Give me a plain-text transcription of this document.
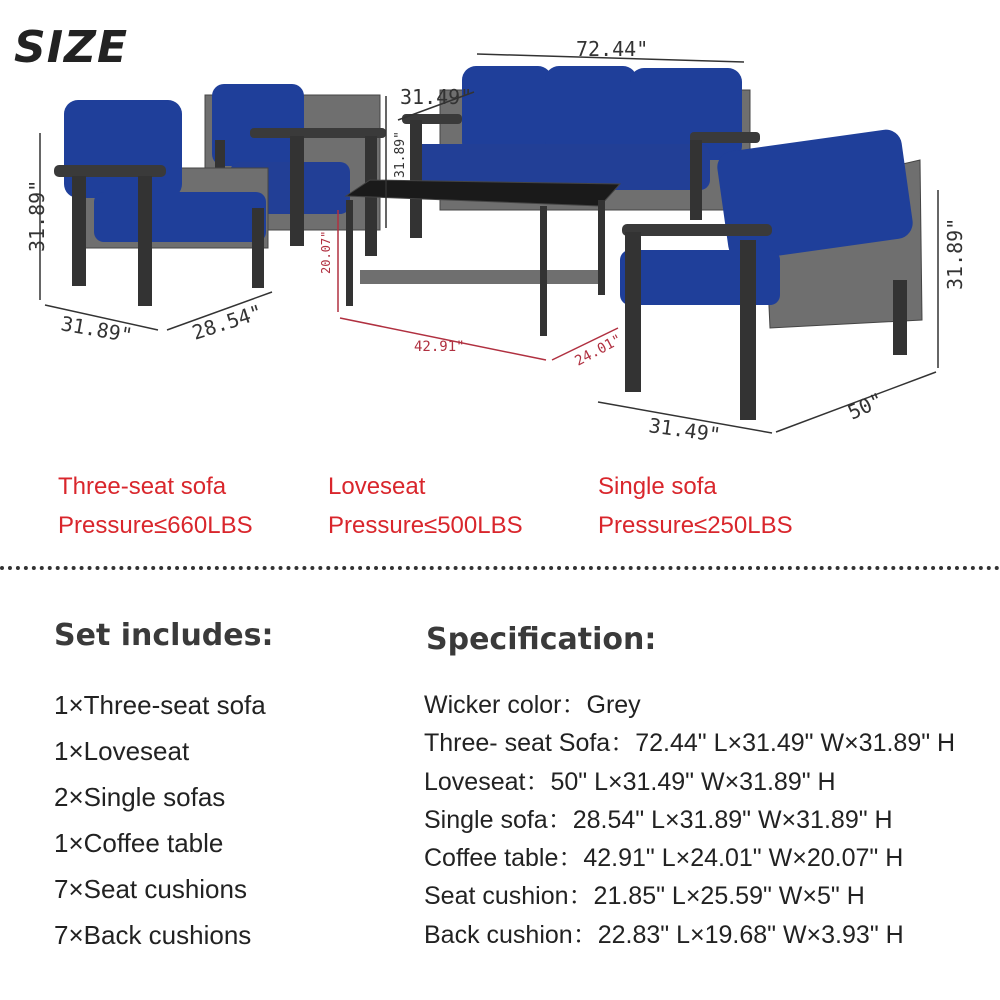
SIZE
31.89"
31.89"	28.54"
72.44"
31.49"
31.89"
20.07"
42.91"	24.01"
31.89"
31.49"
50"
Three-seat sofa
Pressure≤660LBS
Loveseat
Pressure≤500LBS
Single sofa
Pressure≤250LBS
Set includes:
1×Three-seat sofa
1×Loveseat
2×Single sofas
1×Coffee table
7×Seat cushions
7×Back cushions
Specification:
Wicker color：Grey
Three- seat Sofa：72.44" L×31.49" W×31.89" H
Loveseat：50" L×31.49" W×31.89" H
Single sofa：28.54" L×31.89" W×31.89" H
Coffee table：42.91" L×24.01" W×20.07" H
Seat cushion：21.85" L×25.59" W×5" H
Back cushion：22.83" L×19.68" W×3.93" H
